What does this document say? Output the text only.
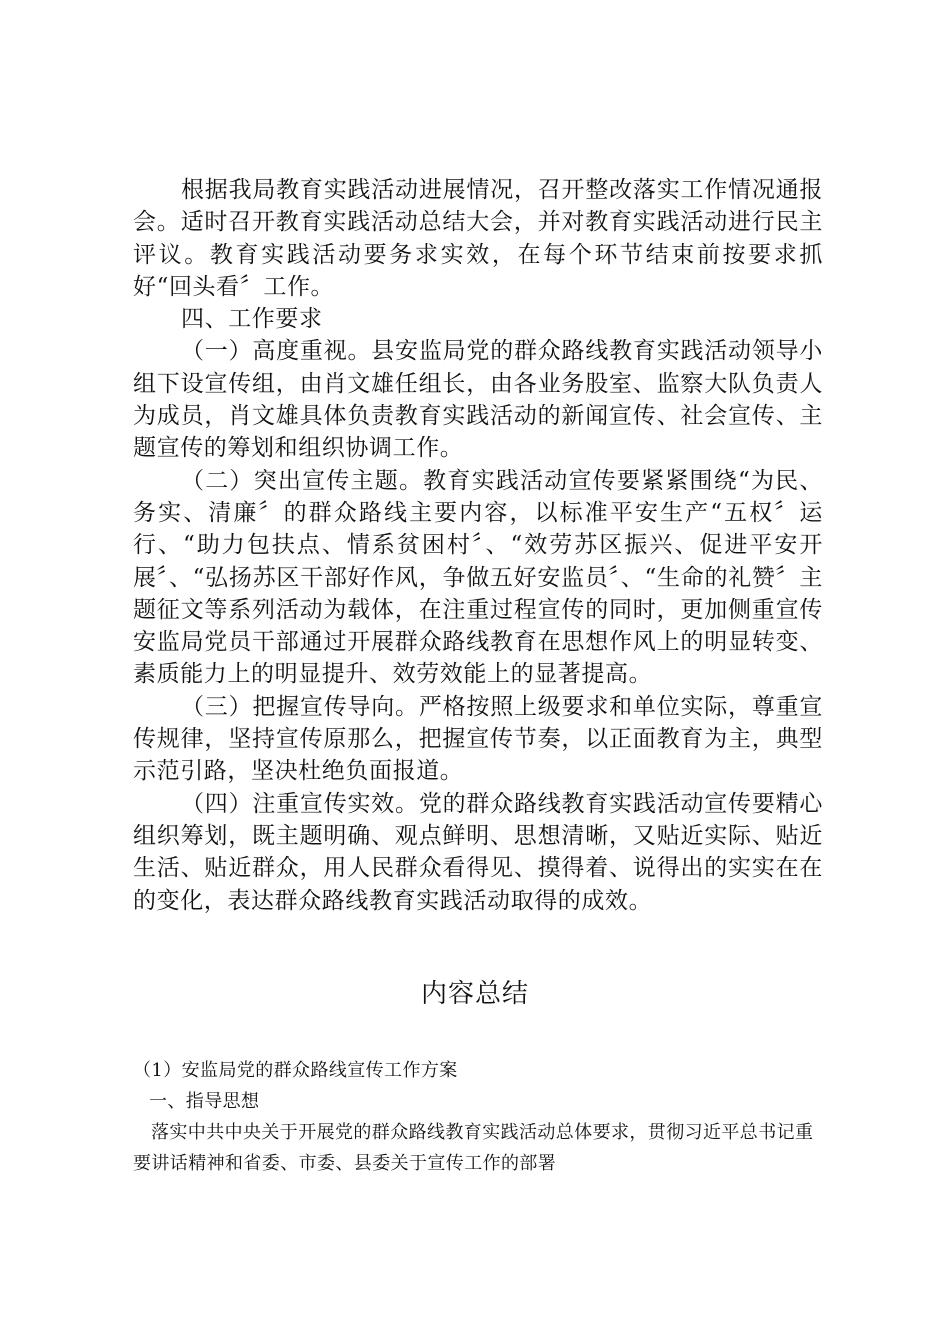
根据我局教育实践活动进展情况，召开整改落实工作情况通报会。适时召开教育实践活动总结大会，并对教育实践活动进行民主评议。教育实践活动要务求实效，在每个环节结束前按要求抓好“回头看〞工作。

四、工作要求

（一）高度重视。县安监局党的群众路线教育实践活动领导小组下设宣传组，由肖文雄任组长，由各业务股室、监察大队负责人为成员，肖文雄具体负责教育实践活动的新闻宣传、社会宣传、主题宣传的筹划和组织协调工作。

（二）突出宣传主题。教育实践活动宣传要紧紧围绕“为民、务实、清廉〞的群众路线主要内容，以标准平安生产“五权〞运行、“助力包扶点、情系贫困村〞、“效劳苏区振兴、促进平安开展〞、“弘扬苏区干部好作风，争做五好安监员〞、“生命的礼赞〞主题征文等系列活动为载体，在注重过程宣传的同时，更加侧重宣传安监局党员干部通过开展群众路线教育在思想作风上的明显转变、素质能力上的明显提升、效劳效能上的显著提高。

（三）把握宣传导向。严格按照上级要求和单位实际，尊重宣传规律，坚持宣传原那么，把握宣传节奏，以正面教育为主，典型示范引路，坚决杜绝负面报道。

（四）注重宣传实效。党的群众路线教育实践活动宣传要精心组织筹划，既主题明确、观点鲜明、思想清晰，又贴近实际、贴近生活、贴近群众，用人民群众看得见、摸得着、说得出的实实在在的变化，表达群众路线教育实践活动取得的成效。

内容总结

（1）安监局党的群众路线宣传工作方案

一、指导思想

落实中共中央关于开展党的群众路线教育实践活动总体要求，贯彻习近平总书记重要讲话精神和省委、市委、县委关于宣传工作的部署
